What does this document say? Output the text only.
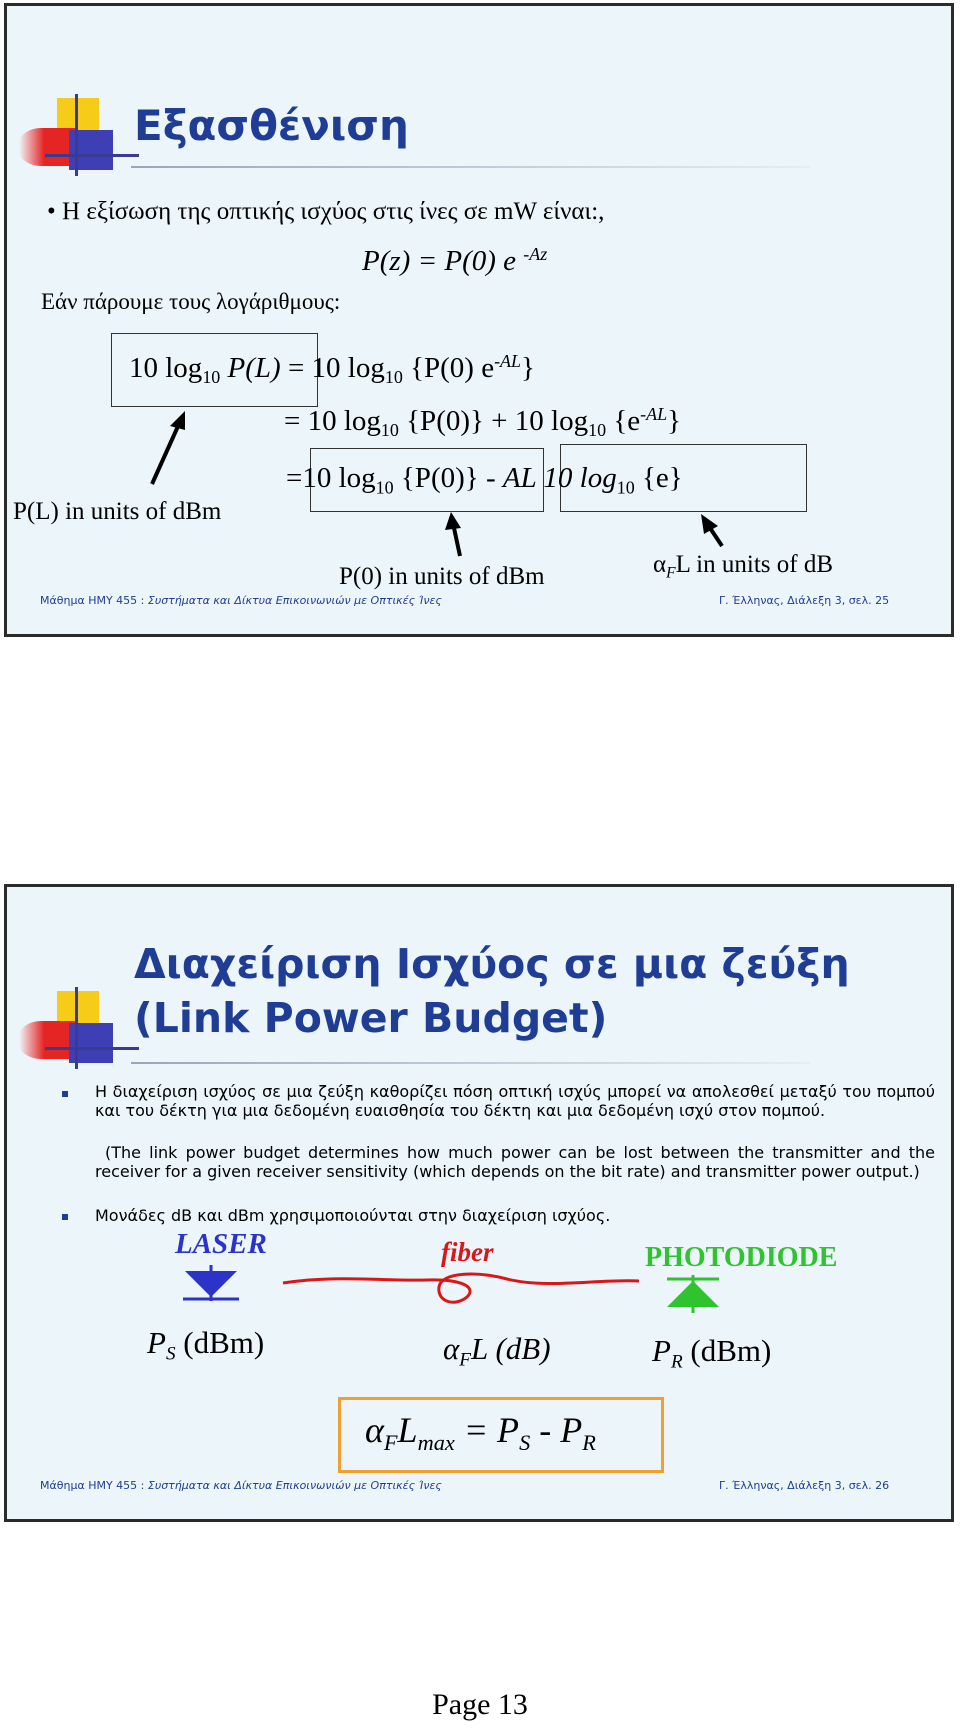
Εξασθένιση
• Η εξίσωση της οπτικής ισχύος στις ίνες σε mW είναι:,
P(z) = P(0) e $^{-Az}$
Εάν πάρουμε τους λογάριθμους:
10 $\log_{10} P(L) = 10$ $\log_{10} \{P(0)$ $e^{-AL}$}
= 10 $\log_{10} \{P(0)\} + 10$ $\log_{10} \{e^{-AL}\}$
=10 $\log_{10} \{P(0)\}$ - AL 10 $\log_{10} \{e\}$
P(L) in units of dBm
P(0) in units of dBm	$\alpha_FL$ in units of dB
Μάθημα ΗΜΥ 455 : Συστήματα και Δίκτυα Επικοινωνιών με Οπτικές Ίνες	Γ. Έλληνας, Διάλεξη 3, σελ. 25
Διαχείριση Ισχύος σε μια ζεύξη
(Link Power Budget)
Η διαχείριση ισχύος σε μια ζεύξη καθορίζει πόση οπτική ισχύς μπορεί να απολεσθεί μεταξύ του πομπού και του δέκτη για μια δεδομένη ευαισθησία του δέκτη και μια δεδομένη ισχύ στον πομπού.
(The link power budget determines how much power can be lost between the transmitter and the receiver for a given receiver sensitivity (which depends on the bit rate) and transmitter power output.)
Μονάδες dB και dBm χρησιμοποιούνται στην διαχείριση ισχύος.
LASER	fiber	PHOTODIODE
$P_S$ (dBm)	$\alpha_FL$ (dB)	$P_R$ (dBm)
$\alpha_FL_{max} = P_S - P_R$
Μάθημα ΗΜΥ 455 : Συστήματα και Δίκτυα Επικοινωνιών με Οπτικές Ίνες	Γ. Έλληνας, Διάλεξη 3, σελ. 26
Page 13
